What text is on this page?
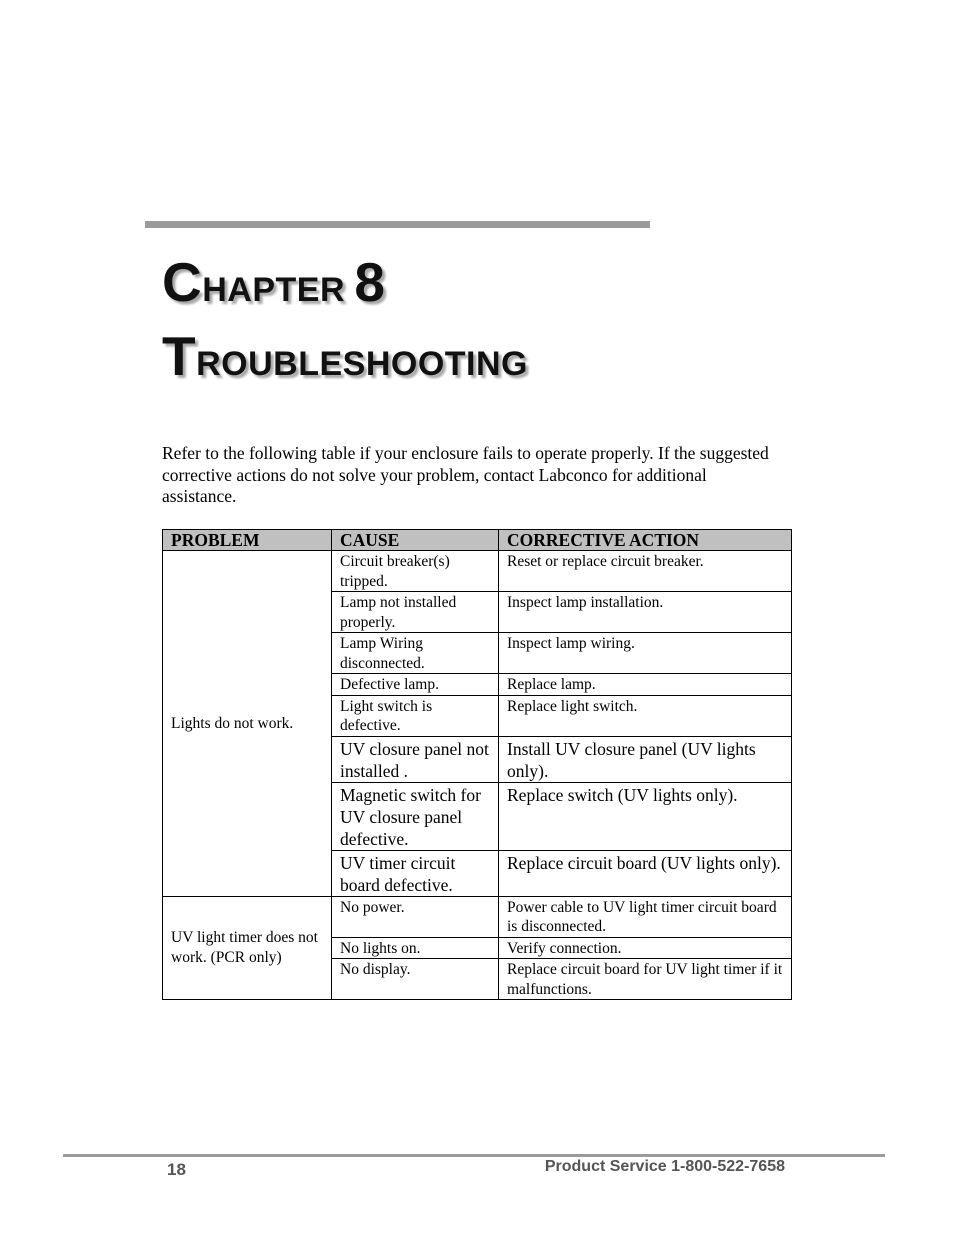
CHAPTER 8
TROUBLESHOOTING

Refer to the following table if your enclosure fails to operate properly. If the suggested corrective actions do not solve your problem, contact Labconco for additional assistance.

PROBLEM	CAUSE	CORRECTIVE ACTION
Lights do not work.	Circuit breaker(s) tripped.	Reset or replace circuit breaker.
	Lamp not installed properly.	Inspect lamp installation.
	Lamp Wiring disconnected.	Inspect lamp wiring.
	Defective lamp.	Replace lamp.
	Light switch is defective.	Replace light switch.
	UV closure panel not installed .	Install UV closure panel (UV lights only).
	Magnetic switch for UV closure panel defective.	Replace switch (UV lights only).
	UV timer circuit board defective.	Replace circuit board (UV lights only).
UV light timer does not work. (PCR only)	No power.	Power cable to UV light timer circuit board is disconnected.
	No lights on.	Verify connection.
	No display.	Replace circuit board for UV light timer if it malfunctions.
18	Product Service 1-800-522-7658
